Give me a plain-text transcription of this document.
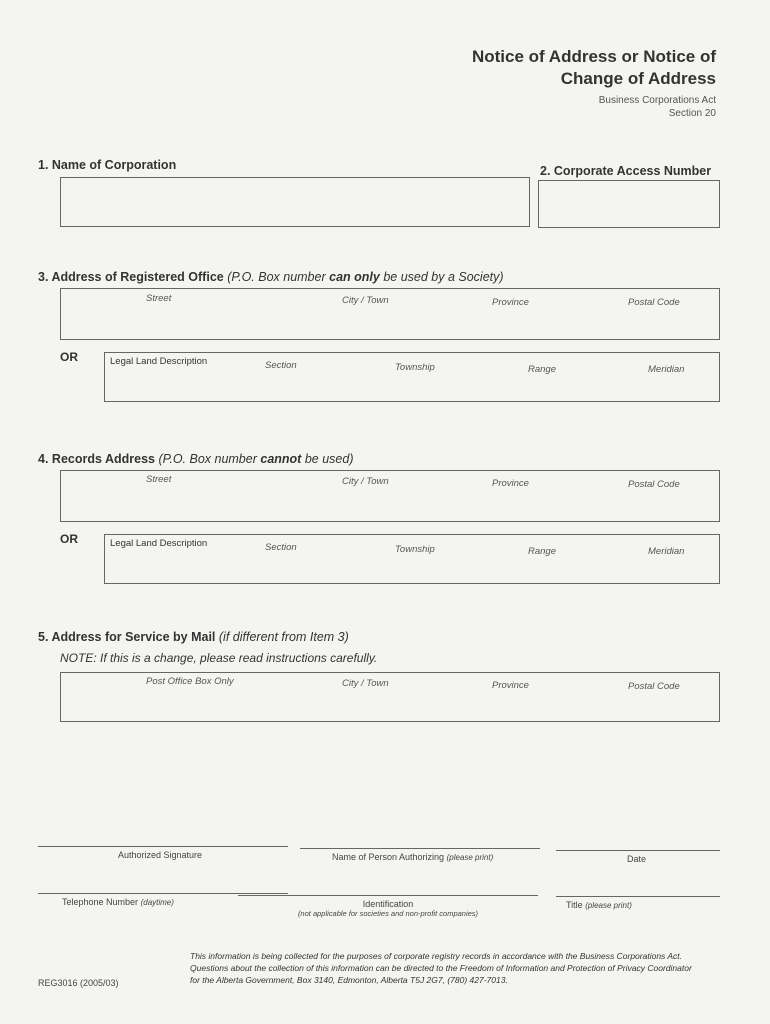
Notice of Address or Notice of
Change of Address
Business Corporations Act
Section 20
1. Name of Corporation	2. Corporate Access Number
3. Address of Registered Office (P.O. Box number can only be used by a Society)
Street	City / Town	Province	Postal Code
OR	Legal Land Description	Section	Township	Range	Meridian
4. Records Address (P.O. Box number cannot be used)
Street	City / Town	Province	Postal Code
OR	Legal Land Description	Section	Township	Range	Meridian
5. Address for Service by Mail (if different from Item 3)
NOTE: If this is a change, please read instructions carefully.
Post Office Box Only	City / Town	Province	Postal Code
Authorized Signature	Name of Person Authorizing (please print)	Date
Telephone Number (daytime)	Identification
(not applicable for societies and non-profit companies)
Title (please print)
This information is being collected for the purposes of corporate registry records in accordance with the Business Corporations Act.
Questions about the collection of this information can be directed to the Freedom of Information and Protection of Privacy Coordinator
for the Alberta Government, Box 3140, Edmonton, Alberta T5J 2G7, (780) 427-7013.
REG3016 (2005/03)
